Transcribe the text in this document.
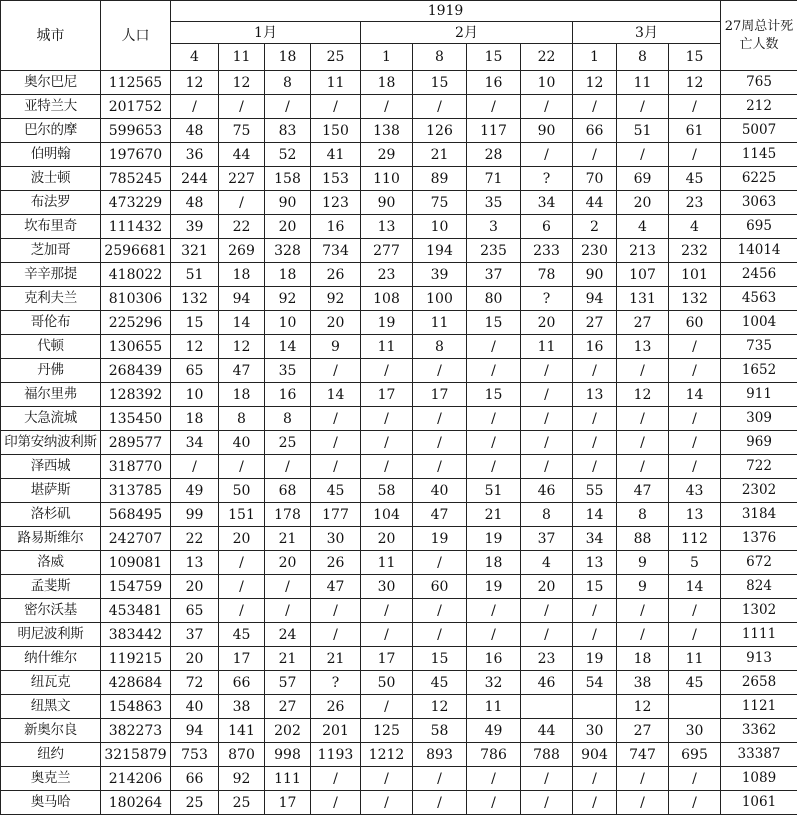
城市	人口	1919											27周总计死亡人数
		1月				2月				3月			
		4	11	18	25	1	8	15	22	1	8	15	
奥尔巴尼	112565	12	12	8	11	18	15	16	10	12	11	12	765
亚特兰大	201752	/	/	/	/	/	/	/	/	/	/	/	212
巴尔的摩	599653	48	75	83	150	138	126	117	90	66	51	61	5007
伯明翰	197670	36	44	52	41	29	21	28	/	/	/	/	1145
波士顿	785245	244	227	158	153	110	89	71	?	70	69	45	6225
布法罗	473229	48	/	90	123	90	75	35	34	44	20	23	3063
坎布里奇	111432	39	22	20	16	13	10	3	6	2	4	4	695
芝加哥	2596681	321	269	328	734	277	194	235	233	230	213	232	14014
辛辛那提	418022	51	18	18	26	23	39	37	78	90	107	101	2456
克利夫兰	810306	132	94	92	92	108	100	80	?	94	131	132	4563
哥伦布	225296	15	14	10	20	19	11	15	20	27	27	60	1004
代顿	130655	12	12	14	9	11	8	/	11	16	13	/	735
丹佛	268439	65	47	35	/	/	/	/	/	/	/	/	1652
福尔里弗	128392	10	18	16	14	17	17	15	/	13	12	14	911
大急流城	135450	18	8	8	/	/	/	/	/	/	/	/	309
印第安纳波利斯	289577	34	40	25	/	/	/	/	/	/	/	/	969
泽西城	318770	/	/	/	/	/	/	/	/	/	/	/	722
堪萨斯	313785	49	50	68	45	58	40	51	46	55	47	43	2302
洛杉矶	568495	99	151	178	177	104	47	21	8	14	8	13	3184
路易斯维尔	242707	22	20	21	30	20	19	19	37	34	88	112	1376
洛威	109081	13	/	20	26	11	/	18	4	13	9	5	672
孟斐斯	154759	20	/	/	47	30	60	19	20	15	9	14	824
密尔沃基	453481	65	/	/	/	/	/	/	/	/	/	/	1302
明尼波利斯	383442	37	45	24	/	/	/	/	/	/	/	/	1111
纳什维尔	119215	20	17	21	21	17	15	16	23	19	18	11	913
纽瓦克	428684	72	66	57	?	50	45	32	46	54	38	45	2658
纽黑文	154863	40	38	27	26	/	12	11			12		1121
新奥尔良	382273	94	141	202	201	125	58	49	44	30	27	30	3362
纽约	3215879	753	870	998	1193	1212	893	786	788	904	747	695	33387
奥克兰	214206	66	92	111	/	/	/	/	/	/	/	/	1089
奥马哈	180264	25	25	17	/	/	/	/	/	/	/	/	1061
